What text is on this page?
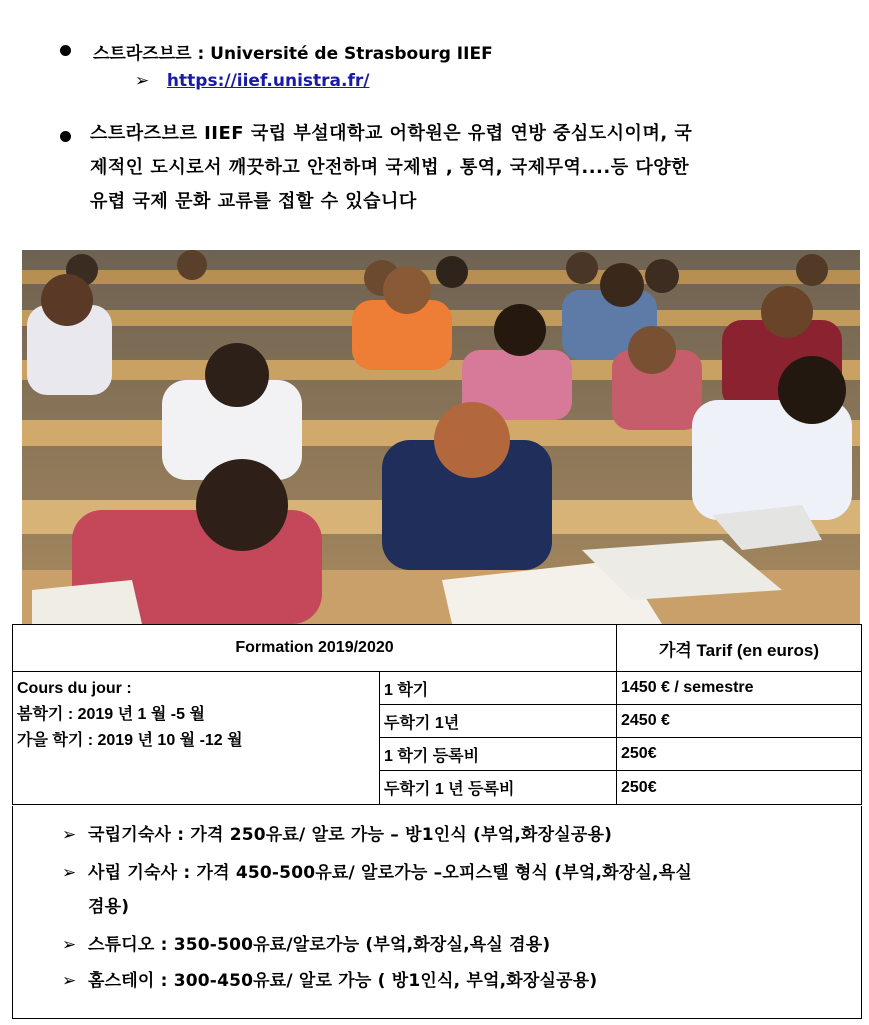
스트라즈브르 : Université de Strasbourg IIEF
➢ https://iief.unistra.fr/
스트라즈브르 IIEF 국립 부설대학교 어학원은 유렵 연방 중심도시이며, 국
제적인 도시로서 깨끗하고 안전하며 국제법 , 통역, 국제무역....등 다양한
유렵 국제 문화 교류를 접할 수 있습니다
Formation 2019/2020		가격 Tarif (en euros)

Cours du jour :
봄학기 : 2019 년 1 월 -5 월
가을 학기 : 2019 년 10 월 -12 월	1 학기	1450 € / semestre
	두학기 1년	2450 €
	1 학기 등록비	250€
	두학기 1 년 등록비	250€
➢ 국립기숙사 : 가격 250유료/ 알로 가능 – 방1인식 (부엌,화장실공용)
➢ 사립 기숙사 : 가격 450-500유료/ 알로가능 –오피스텔 형식 (부엌,화장실,욕실
겸용)
➢ 스튜디오 : 350-500유료/알로가능 (부엌,화장실,욕실 겸용)
➢ 홈스테이 : 300-450유료/ 알로 가능 ( 방1인식, 부엌,화장실공용)
